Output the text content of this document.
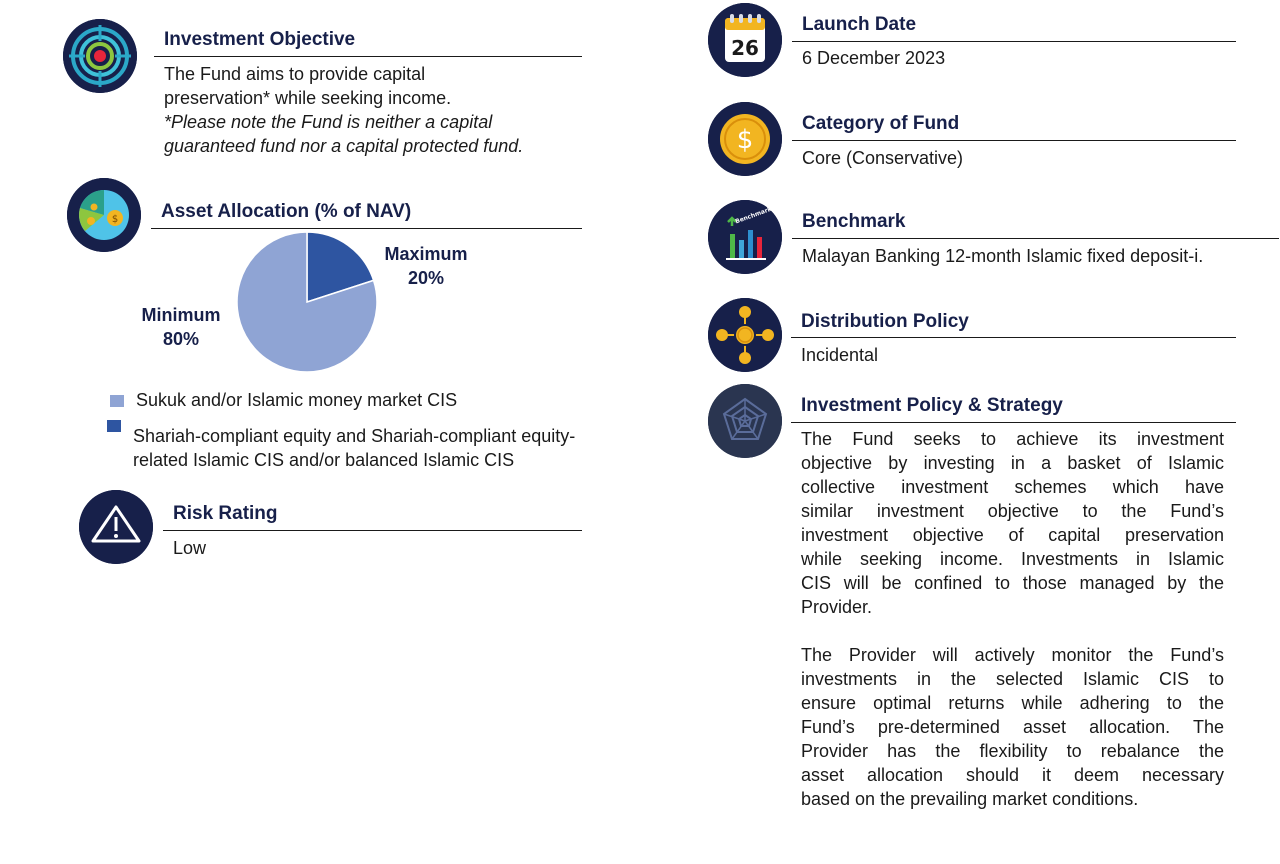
Investment Objective
The Fund aims to provide capital
preservation* while seeking income.
*Please note the Fund is neither a capital
guaranteed fund nor a capital protected fund.
$ Asset Allocation (% of NAV)
Maximum
20%
Minimum
80%
Sukuk and/or Islamic money market CIS
Shariah-compliant equity and Shariah-compliant equity-
related Islamic CIS and/or balanced Islamic CIS
Risk Rating
Low
26
Launch Date
6 December 2023
$
Category of Fund
Core (Conservative)
Benchmark Benchmark
Malayan Banking 12-month Islamic fixed deposit-i.
Distribution Policy
Incidental
Investment Policy & Strategy
The Fund seeks to achieve its investment
objective by investing in a basket of Islamic
collective investment schemes which have
similar investment objective to the Fund’s
investment objective of capital preservation
while seeking income. Investments in Islamic
CIS will be confined to those managed by the
Provider.
The Provider will actively monitor the Fund’s
investments in the selected Islamic CIS to
ensure optimal returns while adhering to the
Fund’s pre-determined asset allocation. The
Provider has the flexibility to rebalance the
asset allocation should it deem necessary
based on the prevailing market conditions.
